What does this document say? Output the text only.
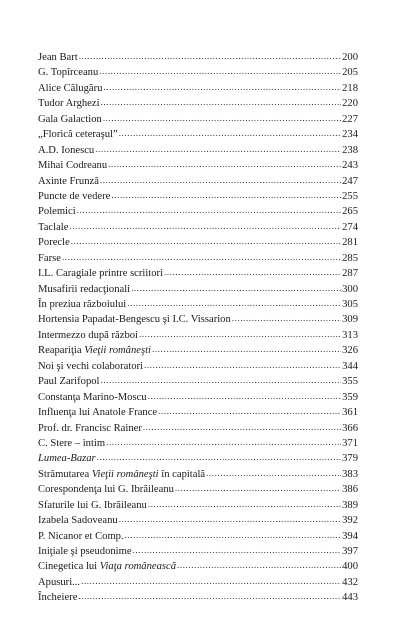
Jean Bart .....	200
G. Topîrceanu .....	205
Alice Călugăru .....	218
Tudor Arghezi .....	220
Gala Galaction .....	227
„Florică ceteraşul” .....	234
A.D. Ionescu .....	238
Mihai Codreanu .....	243
Axinte Frunză .....	247
Puncte de vedere .....	255
Polemici .....	265
Taclale .....	274
Porecle .....	281
Farse .....	285
I.L. Caragiale printre scriitori .....	287
Musafirii redacţionali .....	300
În preziua războiului .....	305
Hortensia Papadat-Bengescu şi I.C. Vissarion .....	309
Intermezzo după război .....	313
Reapariţia Vieţii româneşti .....	326
Noi şi vechi colaboratori .....	344
Paul Zarifopol .....	355
Constanţa Marino-Moscu .....	359
Influenţa lui Anatole France .....	361
Prof. dr. Francisc Rainer .....	366
C. Stere – intim .....	371
Lumea-Bazar .....	379
Strămutarea Vieţii româneşti în capitală .....	383
Corespondenţa lui G. Ibrăileanu .....	386
Sfaturile lui G. Ibrăileanu .....	389
Izabela Sadoveanu .....	392
P. Nicanor et Comp. .....	394
Iniţiale şi pseudonime .....	397
Cinegetica lui Viaţa românească .....	400
Apusuri... .....	432
Încheiere .....	443
